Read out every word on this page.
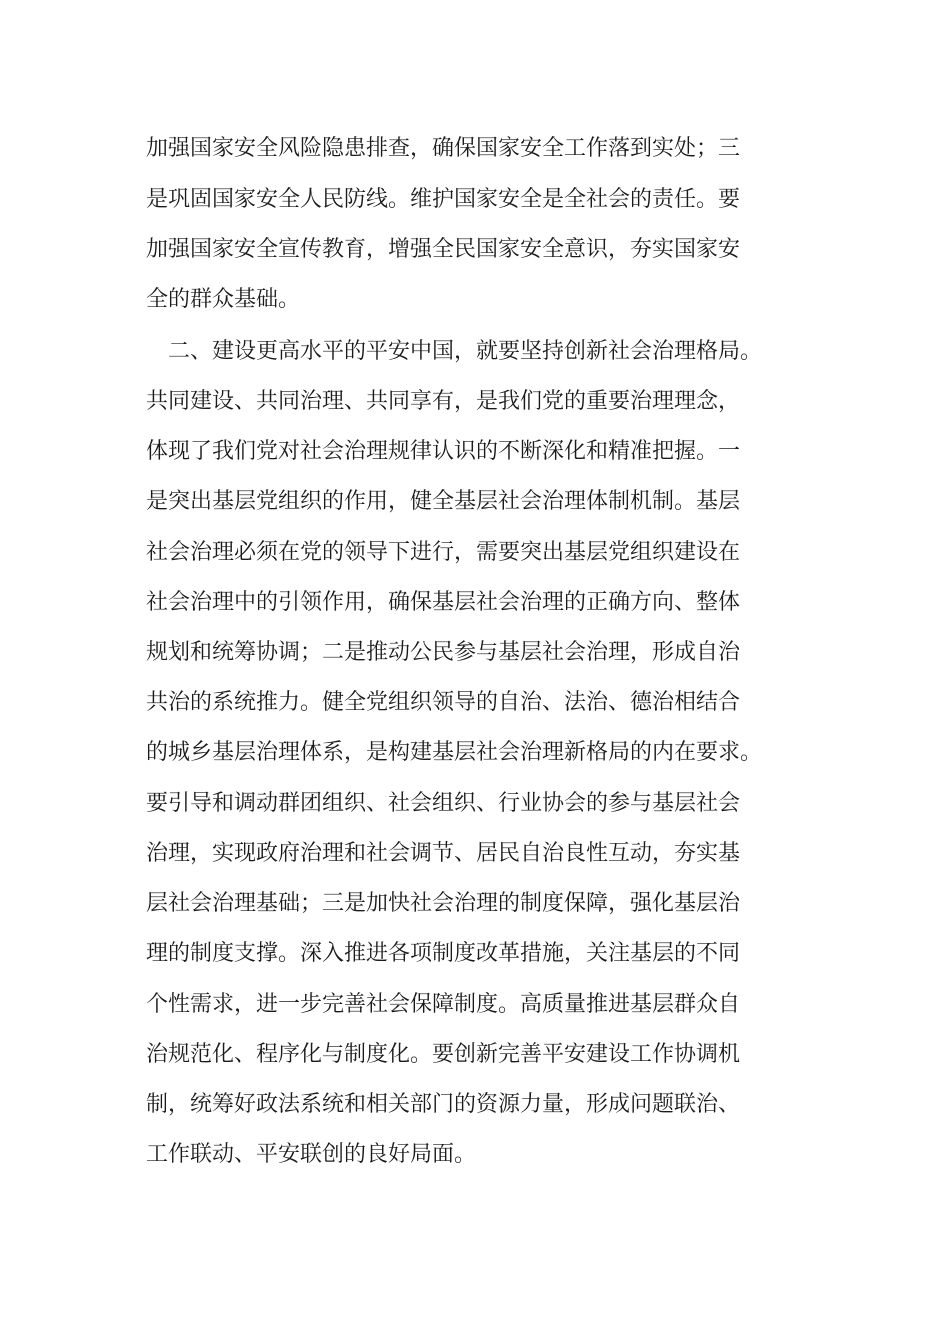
加强国家安全风险隐患排查，确保国家安全工作落到实处；三
是巩固国家安全人民防线。维护国家安全是全社会的责任。要
加强国家安全宣传教育，增强全民国家安全意识，夯实国家安
全的群众基础。
　二、建设更高水平的平安中国，就要坚持创新社会治理格局。
共同建设、共同治理、共同享有，是我们党的重要治理理念，
体现了我们党对社会治理规律认识的不断深化和精准把握。一
是突出基层党组织的作用，健全基层社会治理体制机制。基层
社会治理必须在党的领导下进行，需要突出基层党组织建设在
社会治理中的引领作用，确保基层社会治理的正确方向、整体
规划和统筹协调；二是推动公民参与基层社会治理，形成自治
共治的系统推力。健全党组织领导的自治、法治、德治相结合
的城乡基层治理体系，是构建基层社会治理新格局的内在要求。
要引导和调动群团组织、社会组织、行业协会的参与基层社会
治理，实现政府治理和社会调节、居民自治良性互动，夯实基
层社会治理基础；三是加快社会治理的制度保障，强化基层治
理的制度支撑。深入推进各项制度改革措施，关注基层的不同
个性需求，进一步完善社会保障制度。高质量推进基层群众自
治规范化、程序化与制度化。要创新完善平安建设工作协调机
制，统筹好政法系统和相关部门的资源力量，形成问题联治、
工作联动、平安联创的良好局面。
